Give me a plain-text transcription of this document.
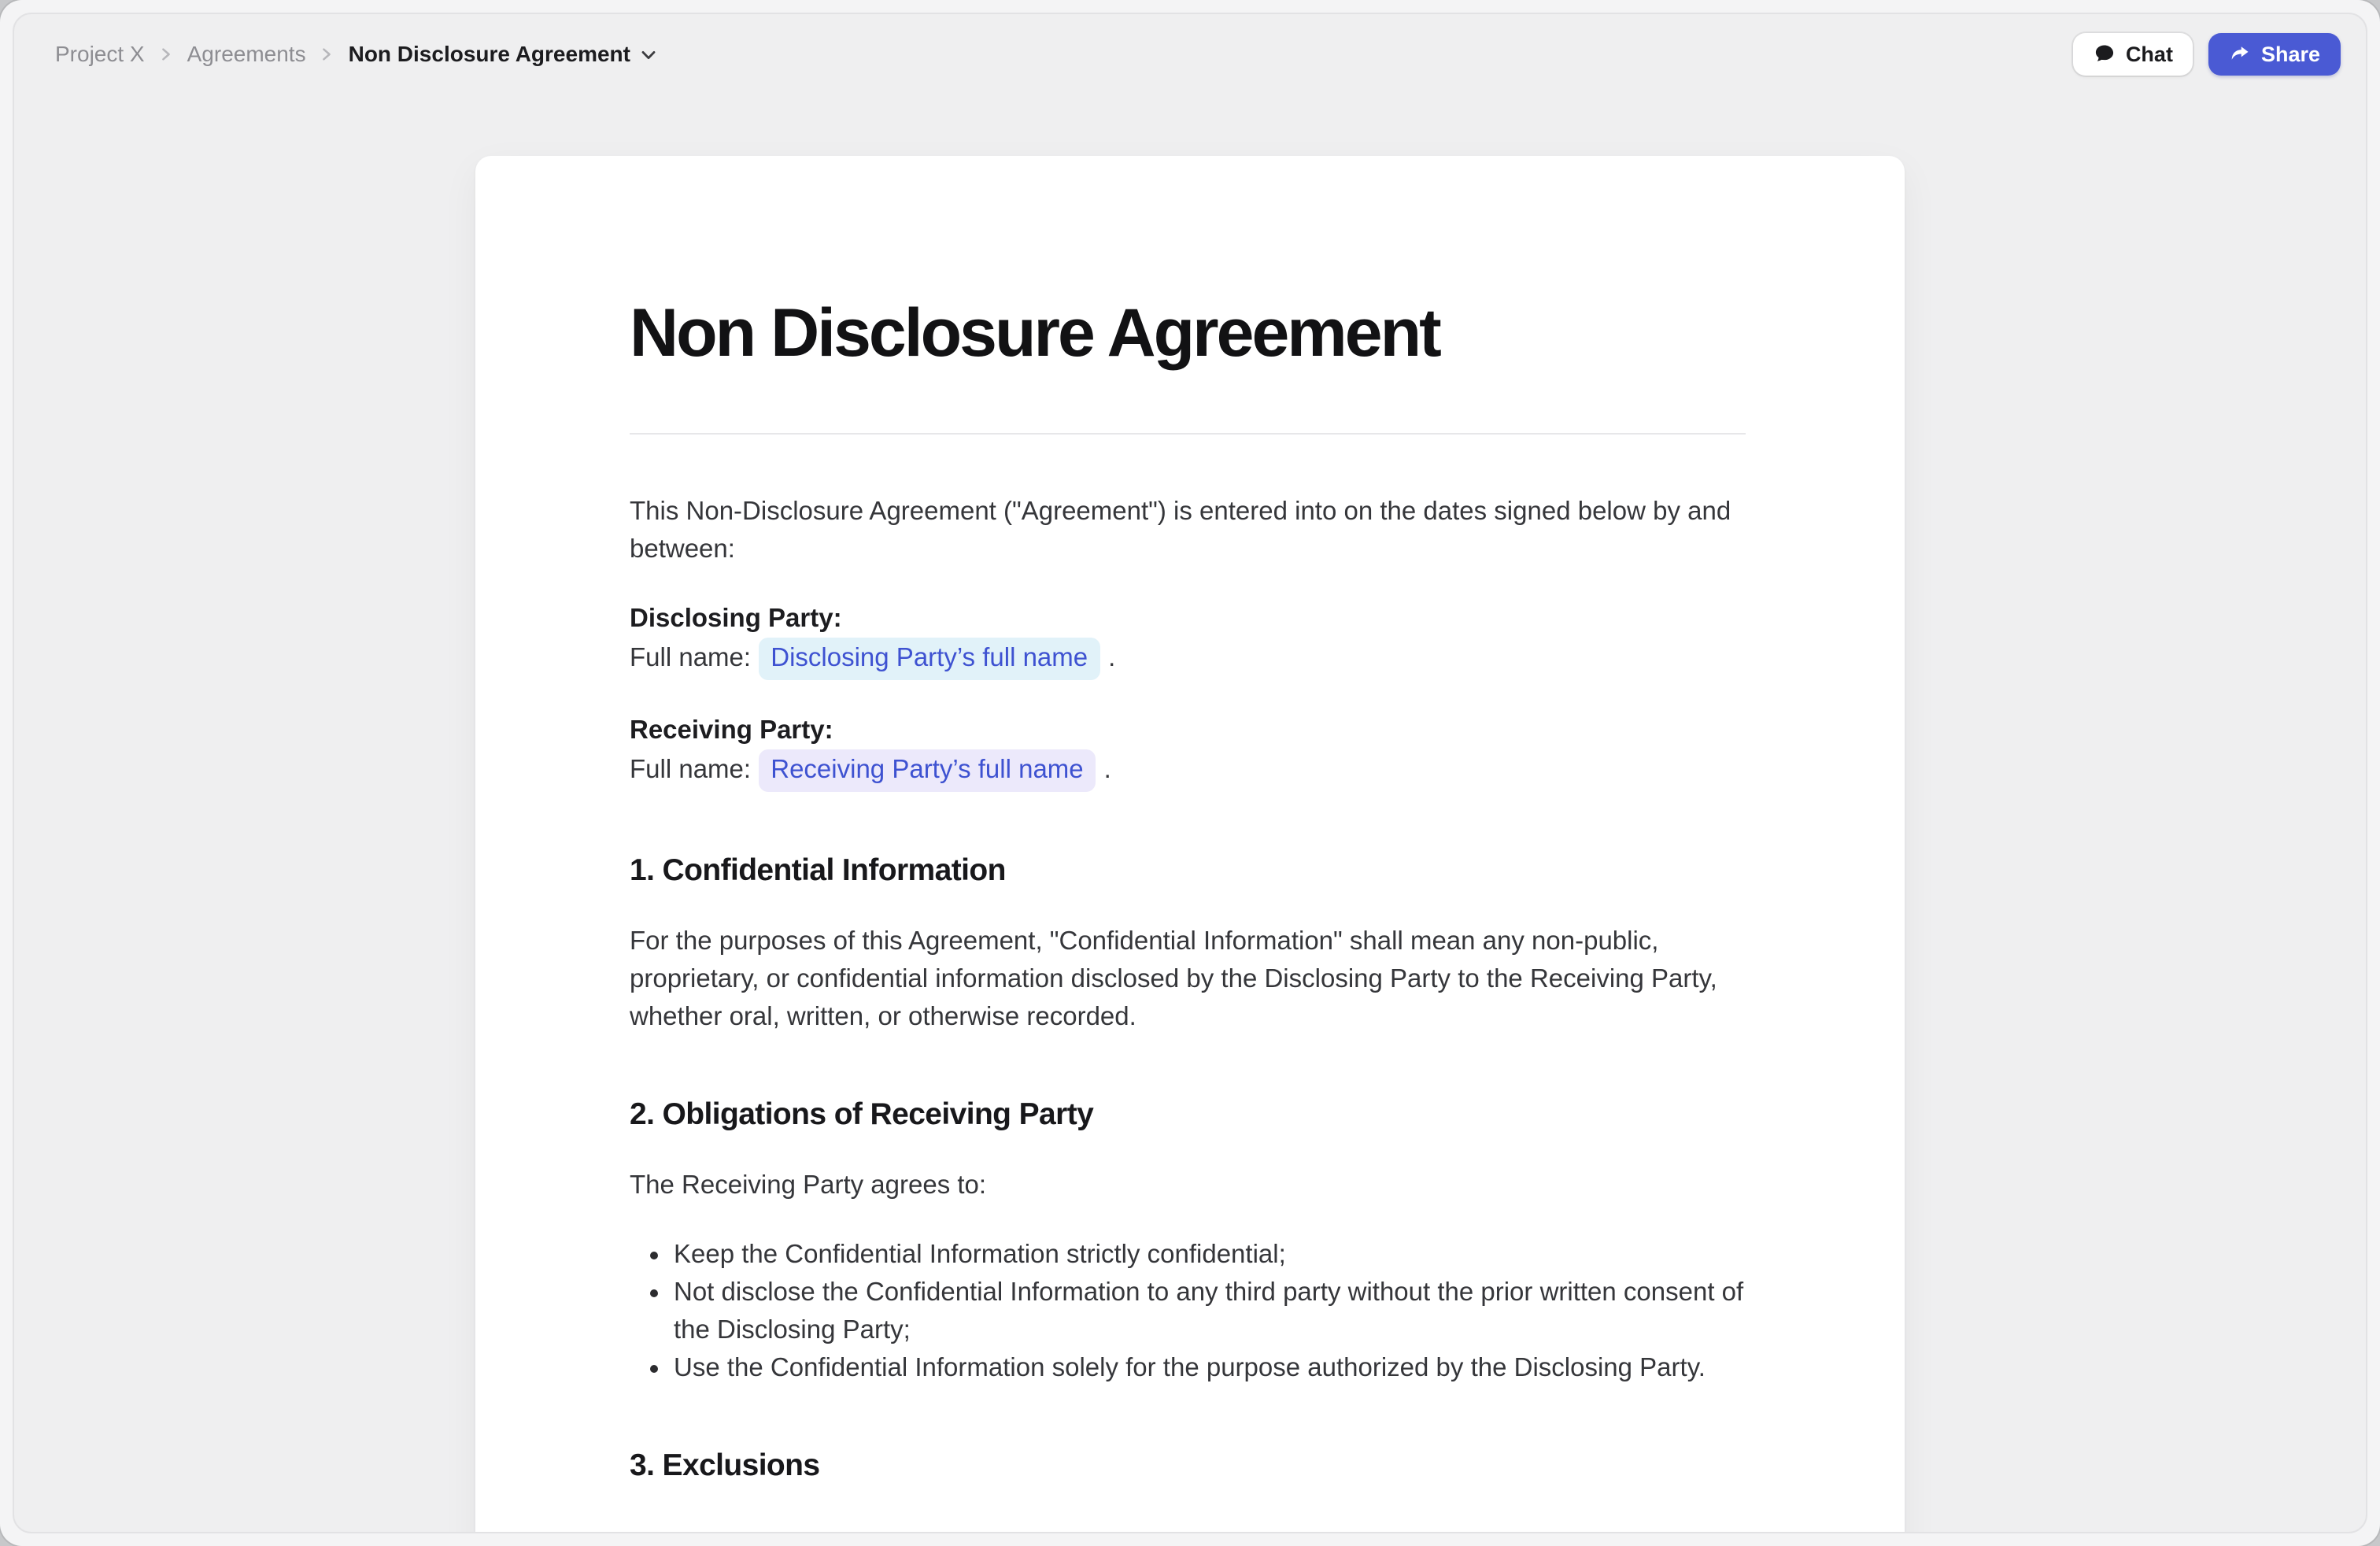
Project X	Agreements	Non Disclosure Agreement	Chat	Share
Non Disclosure Agreement

This Non-Disclosure Agreement ("Agreement") is entered into on the dates signed below by and between:

Disclosing Party:
Full name: Disclosing Party’s full name .

Receiving Party:
Full name: Receiving Party’s full name .

1. Confidential Information

For the purposes of this Agreement, "Confidential Information" shall mean any non-public, proprietary, or confidential information disclosed by the Disclosing Party to the Receiving Party, whether oral, written, or otherwise recorded.

2. Obligations of Receiving Party

The Receiving Party agrees to:

Keep the Confidential Information strictly confidential;
Not disclose the Confidential Information to any third party without the prior written consent of the Disclosing Party;
Use the Confidential Information solely for the purpose authorized by the Disclosing Party.
3. Exclusions
